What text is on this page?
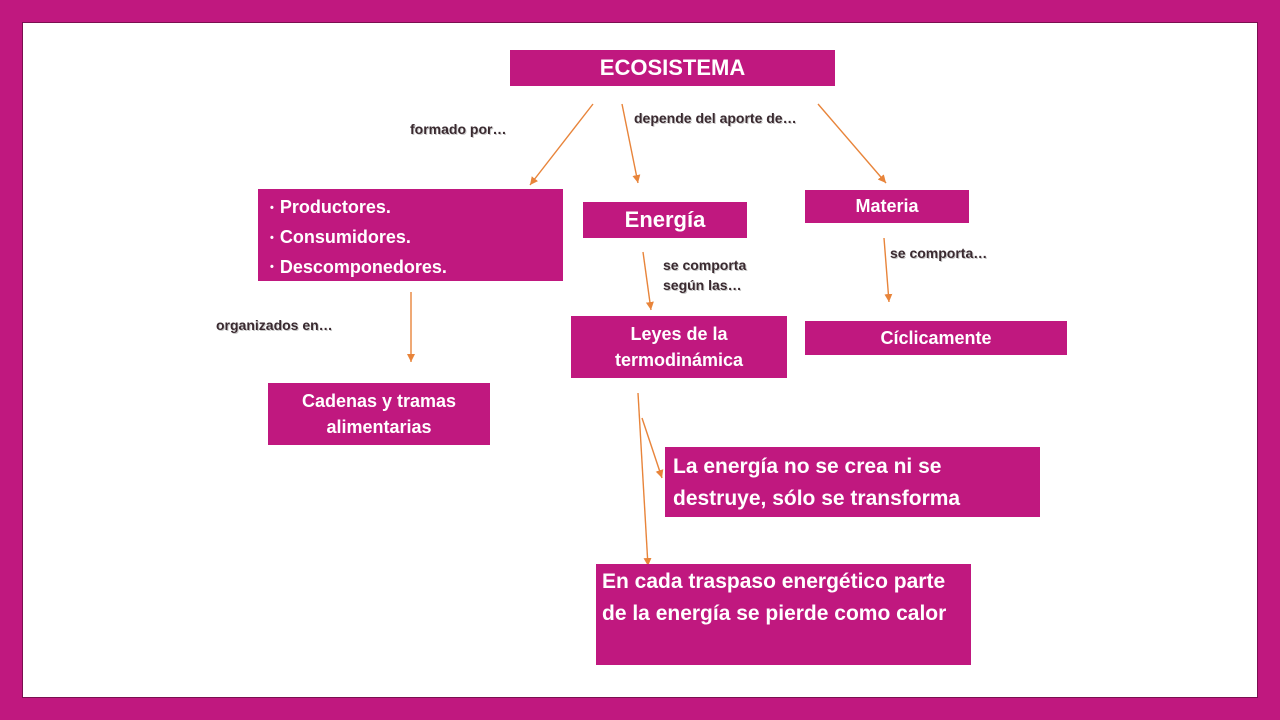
ECOSISTEMA
formado por…
depende del aporte de…
• Productores.
• Consumidores.
• Descomponedores.
Energía
Materia
se comporta según las…
se comporta…
organizados en…	Leyes de la termodinámica
Cíclicamente
Cadenas y tramas alimentarias
La energía no se crea ni se destruye, sólo se transforma
En cada traspaso energético parte de la energía se pierde como calor
